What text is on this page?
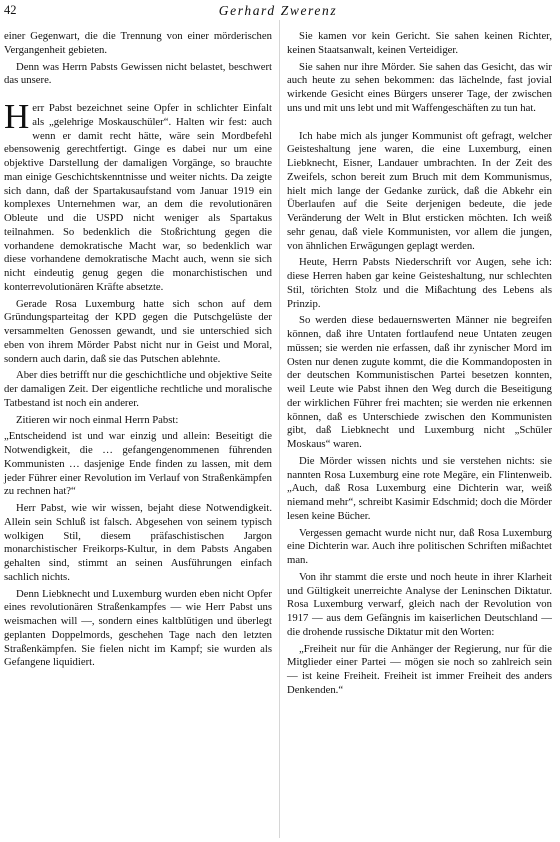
42	Gerhard Zwerenz

einer Gegenwart, die die Trennung von einer mörderischen Vergangenheit gebieten.

Denn was Herrn Pabsts Gewissen nicht belastet, beschwert das unsere.

Herr Pabst bezeichnet seine Opfer in schlichter Einfalt als „gelehrige Moskauschüler“. Halten wir fest: auch wenn er damit recht hätte, wäre sein Mordbefehl ebensowenig gerechtfertigt. Ginge es dabei nur um eine objektive Darstellung der damaligen Vorgänge, so brauchte man einige Geschichtskenntnisse und weiter nichts. Da zeigte sich dann, daß der Spartakusaufstand vom Januar 1919 ein komplexes Unternehmen war, an dem die revolutionären Obleute und die USPD nicht weniger als Spartakus teilnahmen. So bedenklich die Stoßrichtung gegen die vorhandene demokratische Macht war, so bedenklich war diese vorhandene demokratische Macht auch, wenn sie sich nicht eindeutig genug gegen die monarchistischen und konterrevolutionären Kräfte absetzte.

Gerade Rosa Luxemburg hatte sich schon auf dem Gründungsparteitag der KPD gegen die Putschgelüste der versammelten Genossen gewandt, und sie unterschied sich eben von ihrem Mörder Pabst nicht nur in Geist und Moral, sondern auch darin, daß sie das Putschen ablehnte.

Aber dies betrifft nur die geschichtliche und objektive Seite der damaligen Zeit. Der eigentliche rechtliche und moralische Tatbestand ist noch ein anderer.

Zitieren wir noch einmal Herrn Pabst:

„Entscheidend ist und war einzig und allein: Beseitigt die Notwendigkeit, die … gefangengenommenen führenden Kommunisten … dasjenige Ende finden zu lassen, mit dem jeder Führer einer Revolution im Verlauf von Straßenkämpfen zu rechnen hat?“

Herr Pabst, wie wir wissen, bejaht diese Notwendigkeit. Allein sein Schluß ist falsch. Abgesehen von seinem typisch wolkigen Stil, diesem präfaschistischen Jargon monarchistischer Freikorps-Kultur, in dem Pabsts Angaben gehalten sind, stimmt an seinen Ausführungen einfach sachlich nichts.

Denn Liebknecht und Luxemburg wurden eben nicht Opfer eines revolutionären Straßenkampfes — wie Herr Pabst uns weismachen will —, sondern eines kaltblütigen und überlegt geplanten Doppelmords, geschehen Tage nach den letzten Straßenkämpfen. Sie fielen nicht im Kampf; sie wurden als Gefangene liquidiert.

Sie kamen vor kein Gericht. Sie sahen keinen Richter, keinen Staatsanwalt, keinen Verteidiger.

Sie sahen nur ihre Mörder. Sie sahen das Gesicht, das wir auch heute zu sehen bekommen: das lächelnde, fast jovial wirkende Gesicht eines Bürgers unserer Tage, der zwischen uns und mit uns lebt und mit Waffengeschäften zu tun hat.

Ich habe mich als junger Kommunist oft gefragt, welcher Geisteshaltung jene waren, die eine Luxemburg, einen Liebknecht, Eisner, Landauer umbrachten. In der Zeit des Zweifels, schon bereit zum Bruch mit dem Kommunismus, hielt mich lange der Gedanke zurück, daß die Abkehr ein Überlaufen auf die Seite derjenigen bedeute, die jede Veränderung der Welt in Blut ersticken möchten. Ich weiß sehr genau, daß viele Kommunisten, vor allem die jungen, von ähnlichen Erwägungen geplagt werden.

Heute, Herrn Pabsts Niederschrift vor Augen, sehe ich: diese Herren haben gar keine Geisteshaltung, nur schlechten Stil, törichten Stolz und die Mißachtung des Lebens als Prinzip.

So werden diese bedauernswerten Männer nie begreifen können, daß ihre Untaten fortlaufend neue Untaten zeugen müssen; sie werden nie erfassen, daß ihr zynischer Mord im Osten nur denen zugute kommt, die die Kommandoposten in der deutschen Kommunistischen Partei besetzen konnten, weil Leute wie Pabst ihnen den Weg durch die Beseitigung der wirklichen Führer frei machten; sie werden nie erkennen können, daß es Unterschiede zwischen den Kommunisten gibt, daß Liebknecht und Luxemburg nicht „Schüler Moskaus“ waren.

Die Mörder wissen nichts und sie verstehen nichts: sie nannten Rosa Luxemburg eine rote Megäre, ein Flintenweib. „Auch, daß Rosa Luxemburg eine Dichterin war, weiß niemand mehr“, schreibt Kasimir Edschmid; doch die Mörder lesen keine Bücher.

Vergessen gemacht wurde nicht nur, daß Rosa Luxemburg eine Dichterin war. Auch ihre politischen Schriften mißachtet man.

Von ihr stammt die erste und noch heute in ihrer Klarheit und Gültigkeit unerreichte Analyse der Leninschen Diktatur. Rosa Luxemburg verwarf, gleich nach der Revolution von 1917 — aus dem Gefängnis im kaiserlichen Deutschland — die drohende russische Diktatur mit den Worten:

„Freiheit nur für die Anhänger der Regierung, nur für die Mitglieder einer Partei — mögen sie noch so zahlreich sein — ist keine Freiheit. Freiheit ist immer Freiheit des anders Denkenden.“
